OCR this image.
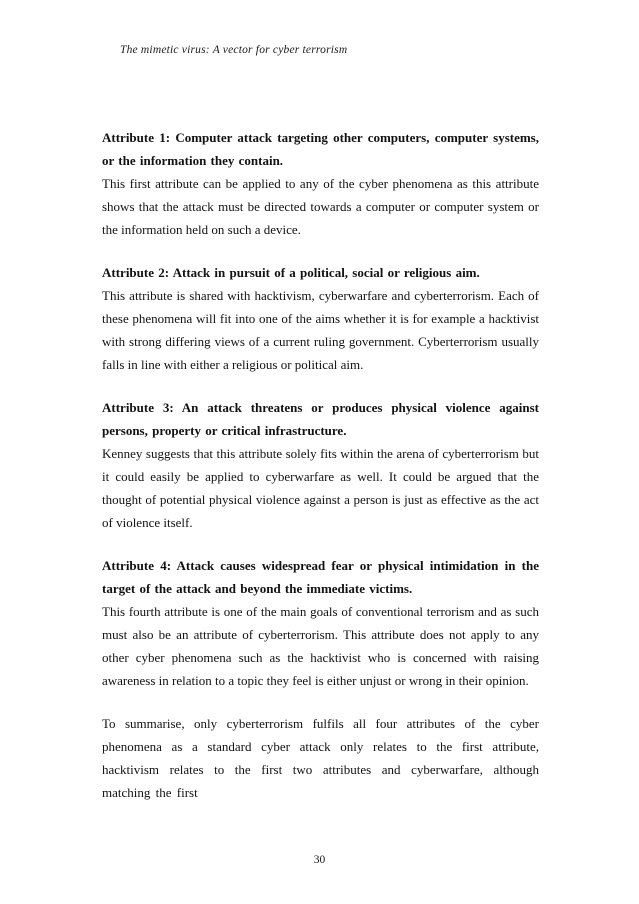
The mimetic virus: A vector for cyber terrorism
Attribute 1: Computer attack targeting other computers, computer systems, or the information they contain.
This first attribute can be applied to any of the cyber phenomena as this attribute shows that the attack must be directed towards a computer or computer system or the information held on such a device.
Attribute 2: Attack in pursuit of a political, social or religious aim.
This attribute is shared with hacktivism, cyberwarfare and cyberterrorism. Each of these phenomena will fit into one of the aims whether it is for example a hacktivist with strong differing views of a current ruling government. Cyberterrorism usually falls in line with either a religious or political aim.
Attribute 3: An attack threatens or produces physical violence against persons, property or critical infrastructure.
Kenney suggests that this attribute solely fits within the arena of cyberterrorism but it could easily be applied to cyberwarfare as well. It could be argued that the thought of potential physical violence against a person is just as effective as the act of violence itself.
Attribute 4: Attack causes widespread fear or physical intimidation in the target of the attack and beyond the immediate victims.
This fourth attribute is one of the main goals of conventional terrorism and as such must also be an attribute of cyberterrorism. This attribute does not apply to any other cyber phenomena such as the hacktivist who is concerned with raising awareness in relation to a topic they feel is either unjust or wrong in their opinion.
To summarise, only cyberterrorism fulfils all four attributes of the cyber phenomena as a standard cyber attack only relates to the first attribute, hacktivism relates to the first two attributes and cyberwarfare, although matching the first
30
